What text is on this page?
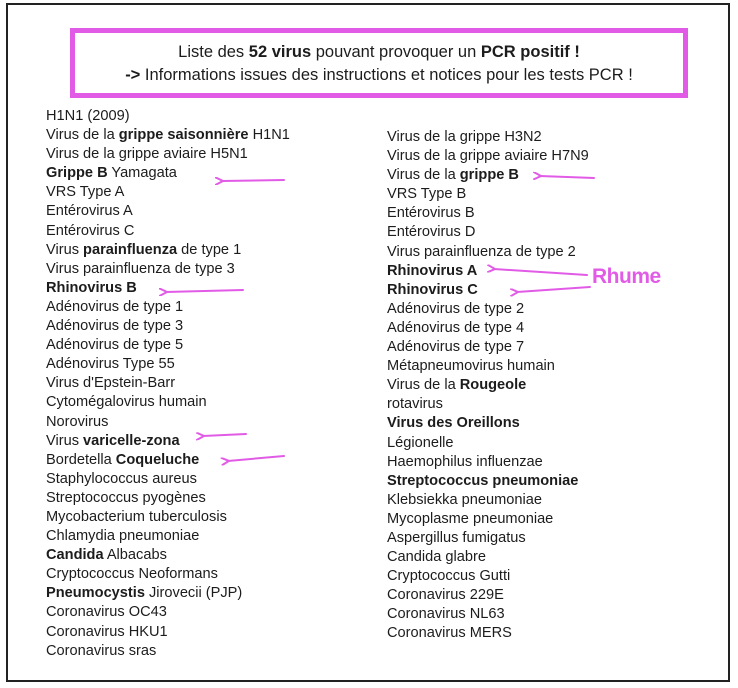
Liste des 52 virus pouvant provoquer un PCR positif !
-> Informations issues des instructions et notices pour les tests PCR !
H1N1 (2009)
Virus de la grippe saisonnière H1N1
Virus de la grippe aviaire H5N1
Grippe B Yamagata
VRS Type A
Entérovirus A
Entérovirus C
Virus parainfluenza de type 1
Virus parainfluenza de type 3
Rhinovirus B
Adénovirus de type 1
Adénovirus de type 3
Adénovirus de type 5
Adénovirus Type 55
Virus d'Epstein-Barr
Cytomégalovirus humain
Norovirus
Virus varicelle-zona
Bordetella Coqueluche
Staphylococcus aureus
Streptococcus pyogènes
Mycobacterium tuberculosis
Chlamydia pneumoniae
Candida Albacabs
Cryptococcus Neoformans
Pneumocystis Jirovecii (PJP)
Coronavirus OC43
Coronavirus HKU1
Coronavirus sras
Virus de la grippe H3N2
Virus de la grippe aviaire H7N9
Virus de la grippe B
VRS Type B
Entérovirus B
Entérovirus D
Virus parainfluenza de type 2
Rhinovirus A
Rhinovirus C
Adénovirus de type 2
Adénovirus de type 4
Adénovirus de type 7
Métapneumovirus humain
Virus de la Rougeole
rotavirus
Virus des Oreillons
Légionelle
Haemophilus influenzae
Streptococcus pneumoniae
Klebsiekka pneumoniae
Mycoplasme pneumoniae
Aspergillus fumigatus
Candida glabre
Cryptococcus Gutti
Coronavirus 229E
Coronavirus NL63
Coronavirus MERS
Rhume
